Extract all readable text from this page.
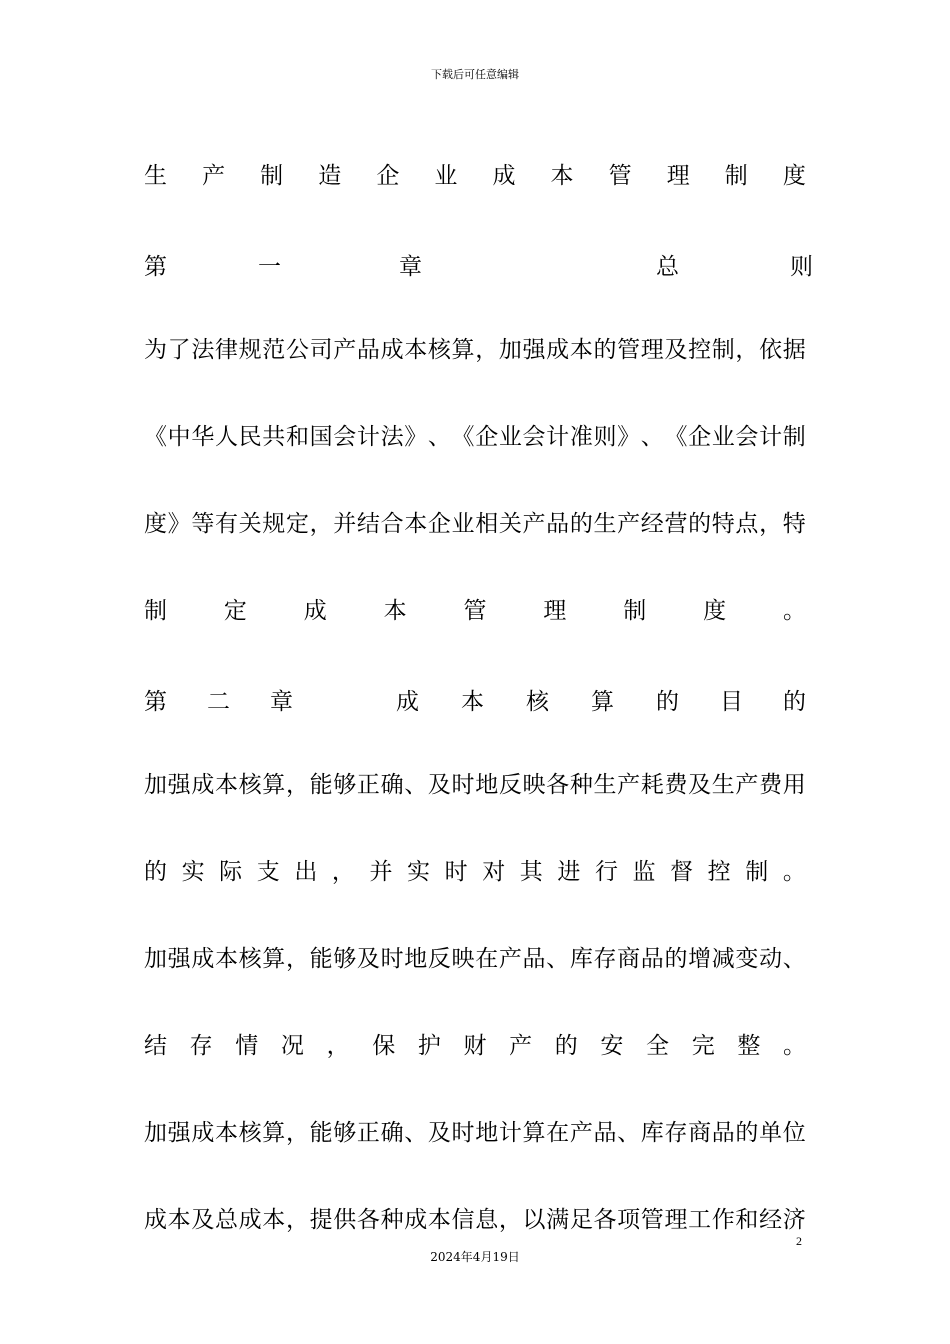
下载后可任意编辑
生 产 制 造 企 业 成 本 管 理 制 度
第	一	章	总	则
为 了 法 律 规 范 公 司 产 品 成 本 核 算 ， 加 强 成 本 的 管 理 及 控 制 ， 依 据
《 中 华 人 民 共 和 国 会 计 法 》 、 《 企 业 会 计 准 则 》 、 《 企 业 会 计 制
度 》 等 有 关 规 定 ， 并 结 合 本 企 业 相 关 产 品 的 生 产 经 营 的 特 点 ， 特
制 定 成 本 管 理 制 度 。
第 二 章	成 本 核 算 的 目 的
加 强 成 本 核 算 ， 能 够 正 确 、 及 时 地 反 映 各 种 生 产 耗 费 及 生 产 费 用
的 实 际 支 出 ， 并 实 时 对 其 进 行 监 督 控 制 。
加 强 成 本 核 算 ， 能 够 及 时 地 反 映 在 产 品 、 库 存 商 品 的 增 减 变 动 、
结 存 情 况 ， 保 护 财 产 的 安 全 完 整 。
加 强 成 本 核 算 ， 能 够 正 确 、 及 时 地 计 算 在 产 品 、 库 存 商 品 的 单 位
成 本 及 总 成 本 ， 提 供 各 种 成 本 信 息 ， 以 满 足 各 项 管 理 工 作 和 经 济
2
2024年4月19日
